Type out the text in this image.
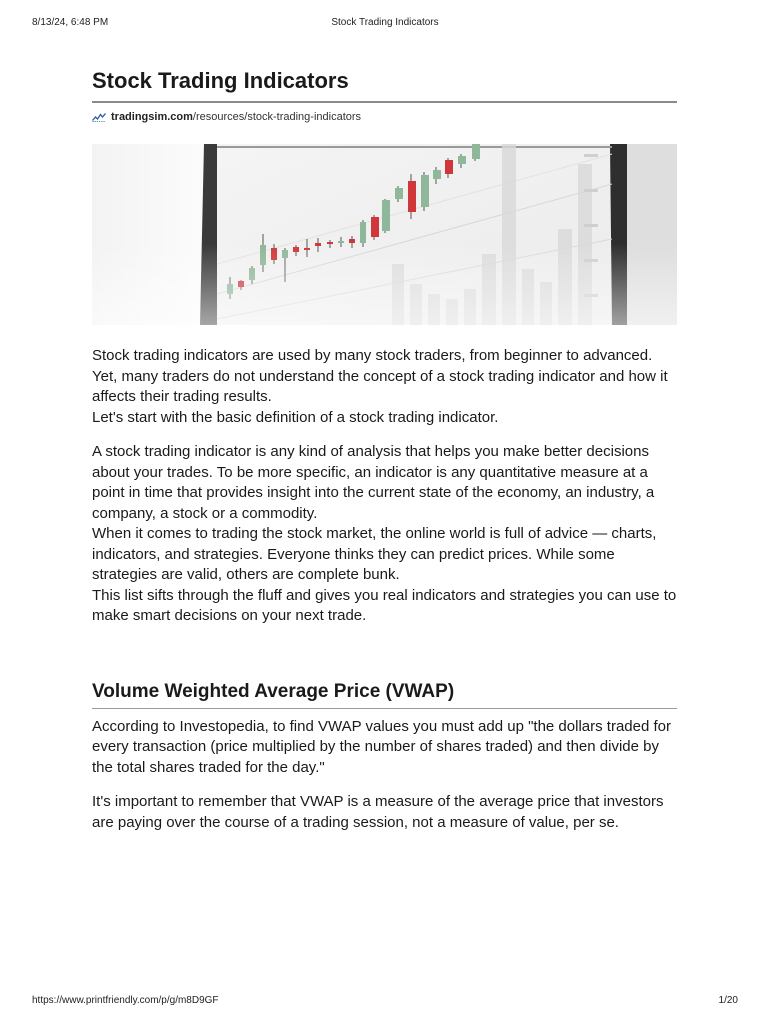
8/13/24, 6:48 PM	Stock Trading Indicators
Stock Trading Indicators
tradingsim.com /resources/stock-trading-indicators

Stock trading indicators are used by many stock traders, from beginner to advanced. Yet, many traders do not understand the concept of a stock trading indicator and how it affects their trading results.

Let's start with the basic definition of a stock trading indicator.

A stock trading indicator is any kind of analysis that helps you make better decisions about your trades. To be more specific, an indicator is any quantitative measure at a point in time that provides insight into the current state of the economy, an industry, a company, a stock or a commodity.

When it comes to trading the stock market, the online world is full of advice — charts, indicators, and strategies. Everyone thinks they can predict prices. While some strategies are valid, others are complete bunk.

This list sifts through the fluff and gives you real indicators and strategies you can use to make smart decisions on your next trade.

Volume Weighted Average Price (VWAP)

According to Investopedia, to find VWAP values you must add up "the dollars traded for every transaction (price multiplied by the number of shares traded) and then divide by the total shares traded for the day."

It's important to remember that VWAP is a measure of the average price that investors are paying over the course of a trading session, not a measure of value, per se.

https://www.printfriendly.com/p/g/m8D9GF	1/20
